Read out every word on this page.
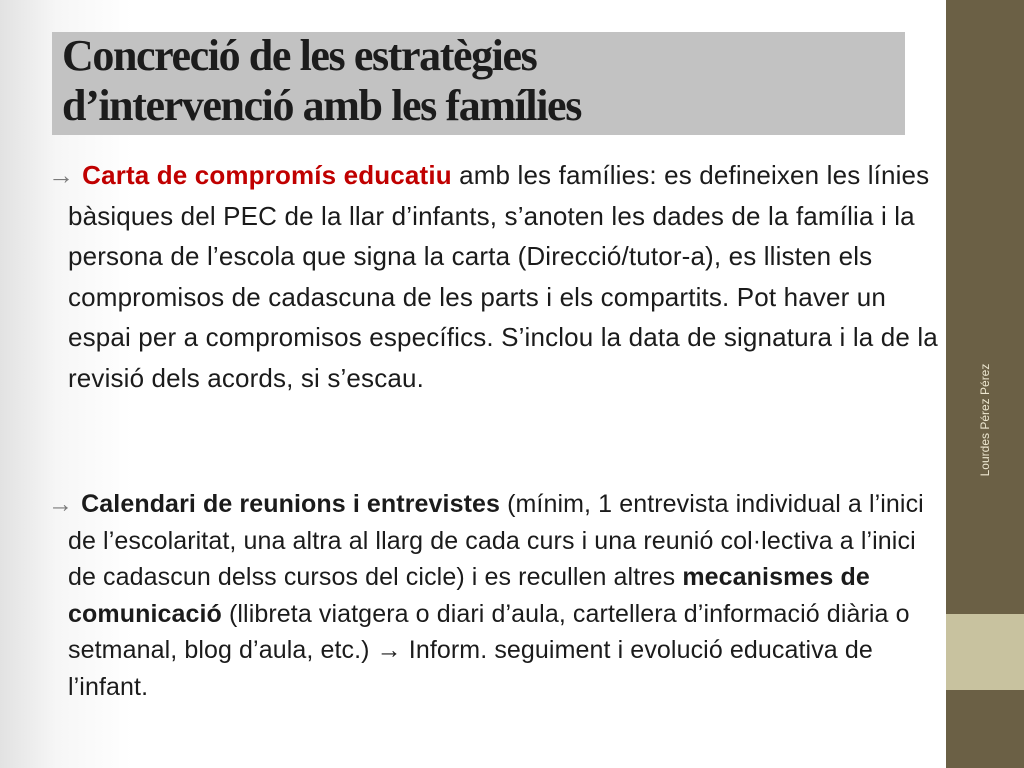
Concreció de les estratègies
d’intervenció amb les famílies

→ Carta de compromís educatiu amb les famílies: es defineixen les línies bàsiques del PEC de la llar d’infants, s’anoten les dades de la família i la persona de l’escola que signa la carta (Direcció/tutor-a), es llisten els compromisos de cadascuna de les parts i els compartits. Pot haver un espai per a compromisos específics. S’inclou la data de signatura i la de la revisió dels acords, si s’escau.

→ Calendari de reunions i entrevistes (mínim, 1 entrevista individual a l’inici de l’escolaritat, una altra al llarg de cada curs i una reunió col·lectiva a l’inici de cadascun delss cursos del cicle) i es recullen altres mecanismes de comunicació (llibreta viatgera o diari d’aula, cartellera d’informació diària o setmanal, blog d’aula, etc.) → Inform. seguiment i evolució educativa de l’infant.

Lourdes Pérez Pérez
